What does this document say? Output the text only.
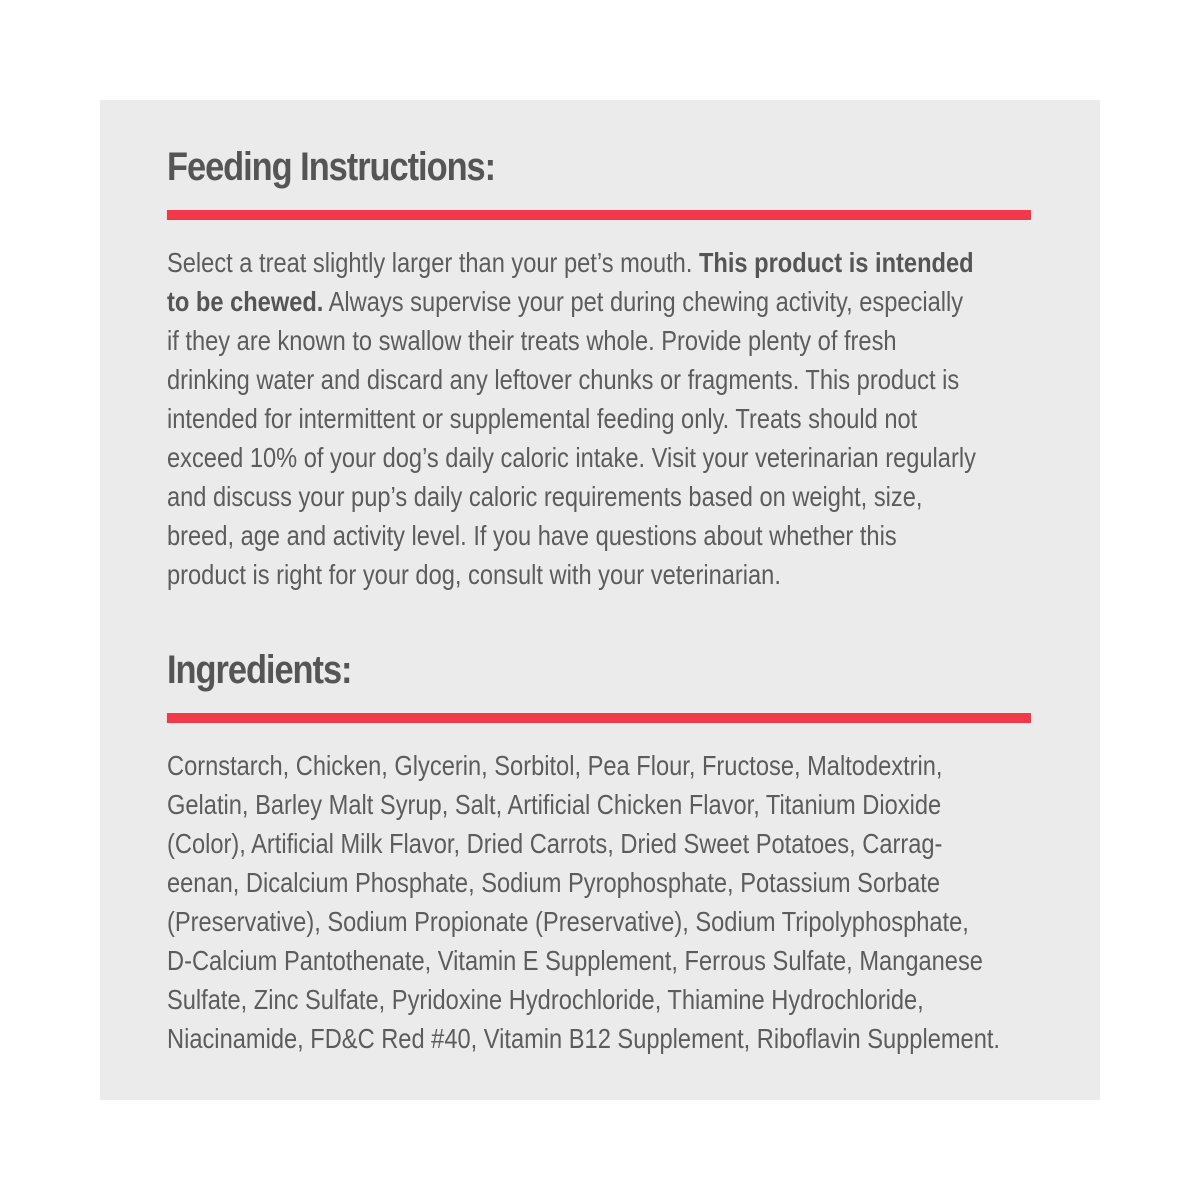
Feeding Instructions:
Select a treat slightly larger than your pet’s mouth. This product is intended
to be chewed. Always supervise your pet during chewing activity, especially
if they are known to swallow their treats whole. Provide plenty of fresh
drinking water and discard any leftover chunks or fragments. This product is
intended for intermittent or supplemental feeding only. Treats should not
exceed 10% of your dog’s daily caloric intake. Visit your veterinarian regularly
and discuss your pup’s daily caloric requirements based on weight, size,
breed, age and activity level. If you have questions about whether this
product is right for your dog, consult with your veterinarian.
Ingredients:
Cornstarch, Chicken, Glycerin, Sorbitol, Pea Flour, Fructose, Maltodextrin,
Gelatin, Barley Malt Syrup, Salt, Artificial Chicken Flavor, Titanium Dioxide
(Color), Artificial Milk Flavor, Dried Carrots, Dried Sweet Potatoes, Carrag-
eenan, Dicalcium Phosphate, Sodium Pyrophosphate, Potassium Sorbate
(Preservative), Sodium Propionate (Preservative), Sodium Tripolyphosphate,
D-Calcium Pantothenate, Vitamin E Supplement, Ferrous Sulfate, Manganese
Sulfate, Zinc Sulfate, Pyridoxine Hydrochloride, Thiamine Hydrochloride,
Niacinamide, FD&C Red #40, Vitamin B12 Supplement, Riboflavin Supplement.
